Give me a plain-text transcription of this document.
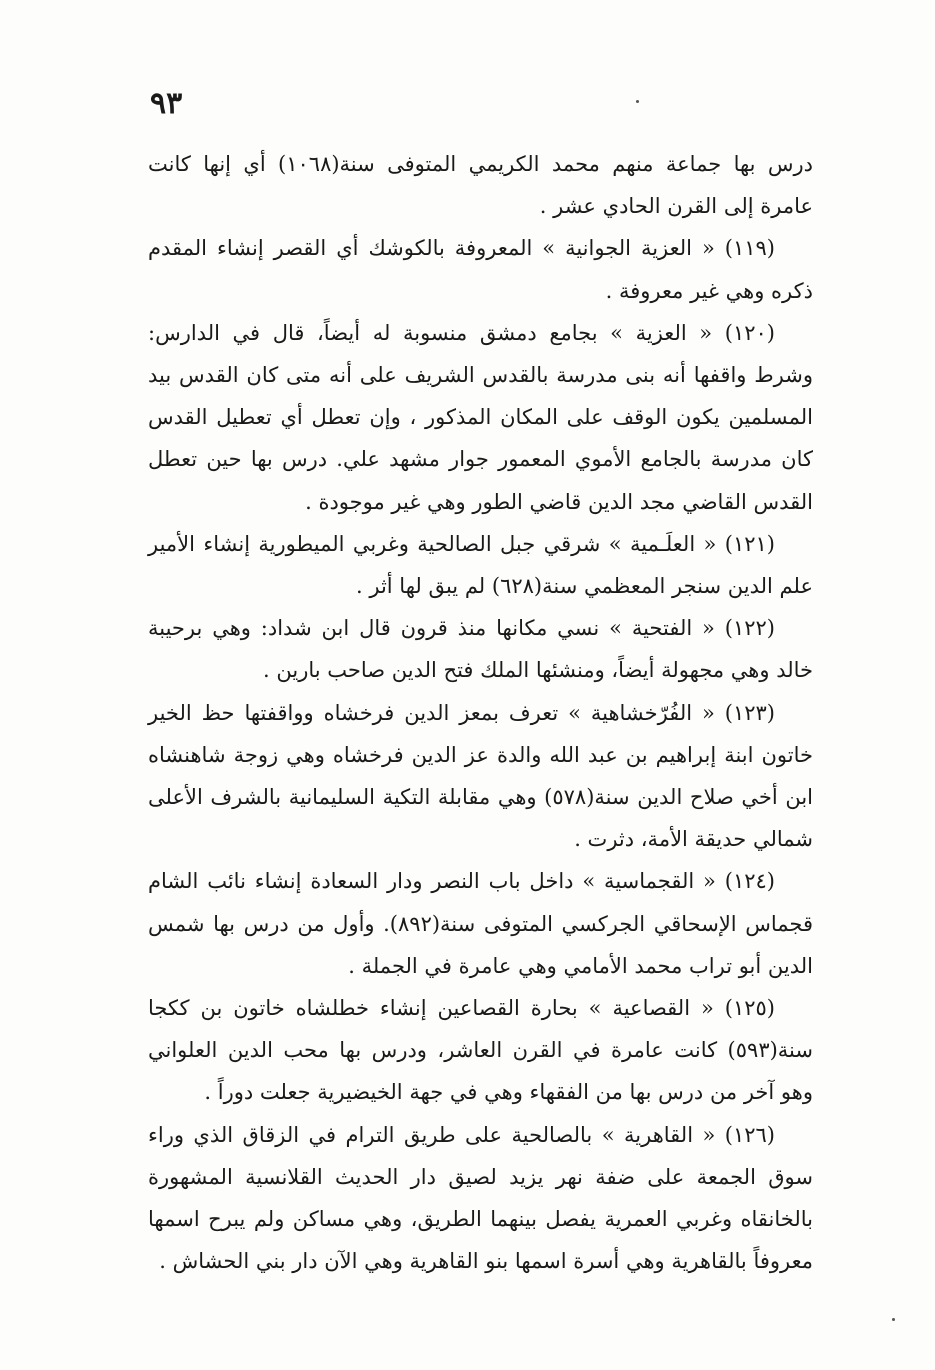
٩٣

درس بها جماعة منهم محمد الكريمي المتوفى سنة(١٠٦٨) أي إنها كانت عامرة إلى القرن الحادي عشر .

(١١٩) « العزية الجوانية » المعروفة بالكوشك أي القصر إنشاء المقدم ذكره وهي غير معروفة .

(١٢٠) « العزية » بجامع دمشق منسوبة له أيضاً، قال في الدارس: وشرط واقفها أنه بنى مدرسة بالقدس الشريف على أنه متى كان القدس بيد المسلمين يكون الوقف على المكان المذكور ، وإن تعطل أي تعطيل القدس كان مدرسة بالجامع الأموي المعمور جوار مشهد علي. درس بها حين تعطل القدس القاضي مجد الدين قاضي الطور وهي غير موجودة .

(١٢١) « العلَـمية » شرقي جبل الصالحية وغربي الميطورية إنشاء الأمير علم الدين سنجر المعظمي سنة(٦٢٨) لم يبق لها أثر .

(١٢٢) « الفتحية » نسي مكانها منذ قرون قال ابن شداد: وهي برحيبة خالد وهي مجهولة أيضاً، ومنشئها الملك فتح الدين صاحب بارين .

(١٢٣) « الفُرّخشاهية » تعرف بمعز الدين فرخشاه وواقفتها حظ الخير خاتون ابنة إبراهيم بن عبد الله والدة عز الدين فرخشاه وهي زوجة شاهنشاه ابن أخي صلاح الدين سنة(٥٧٨) وهي مقابلة التكية السليمانية بالشرف الأعلى شمالي حديقة الأمة، دثرت .

(١٢٤) « القجماسية » داخل باب النصر ودار السعادة إنشاء نائب الشام قجماس الإسحاقي الجركسي المتوفى سنة(٨٩٢). وأول من درس بها شمس الدين أبو تراب محمد الأمامي وهي عامرة في الجملة .

(١٢٥) « القصاعية » بحارة القصاعين إنشاء خطلشاه خاتون بن ككجا سنة(٥٩٣) كانت عامرة في القرن العاشر، ودرس بها محب الدين العلواني وهو آخر من درس بها من الفقهاء وهي في جهة الخيضيرية جعلت دوراً .

(١٢٦) « القاهرية » بالصالحية على طريق الترام في الزقاق الذي وراء سوق الجمعة على ضفة نهر يزيد لصيق دار الحديث القلانسية المشهورة بالخانقاه وغربي العمرية يفصل بينهما الطريق، وهي مساكن ولم يبرح اسمها معروفاً بالقاهرية وهي أسرة اسمها بنو القاهرية وهي الآن دار بني الحشاش .
